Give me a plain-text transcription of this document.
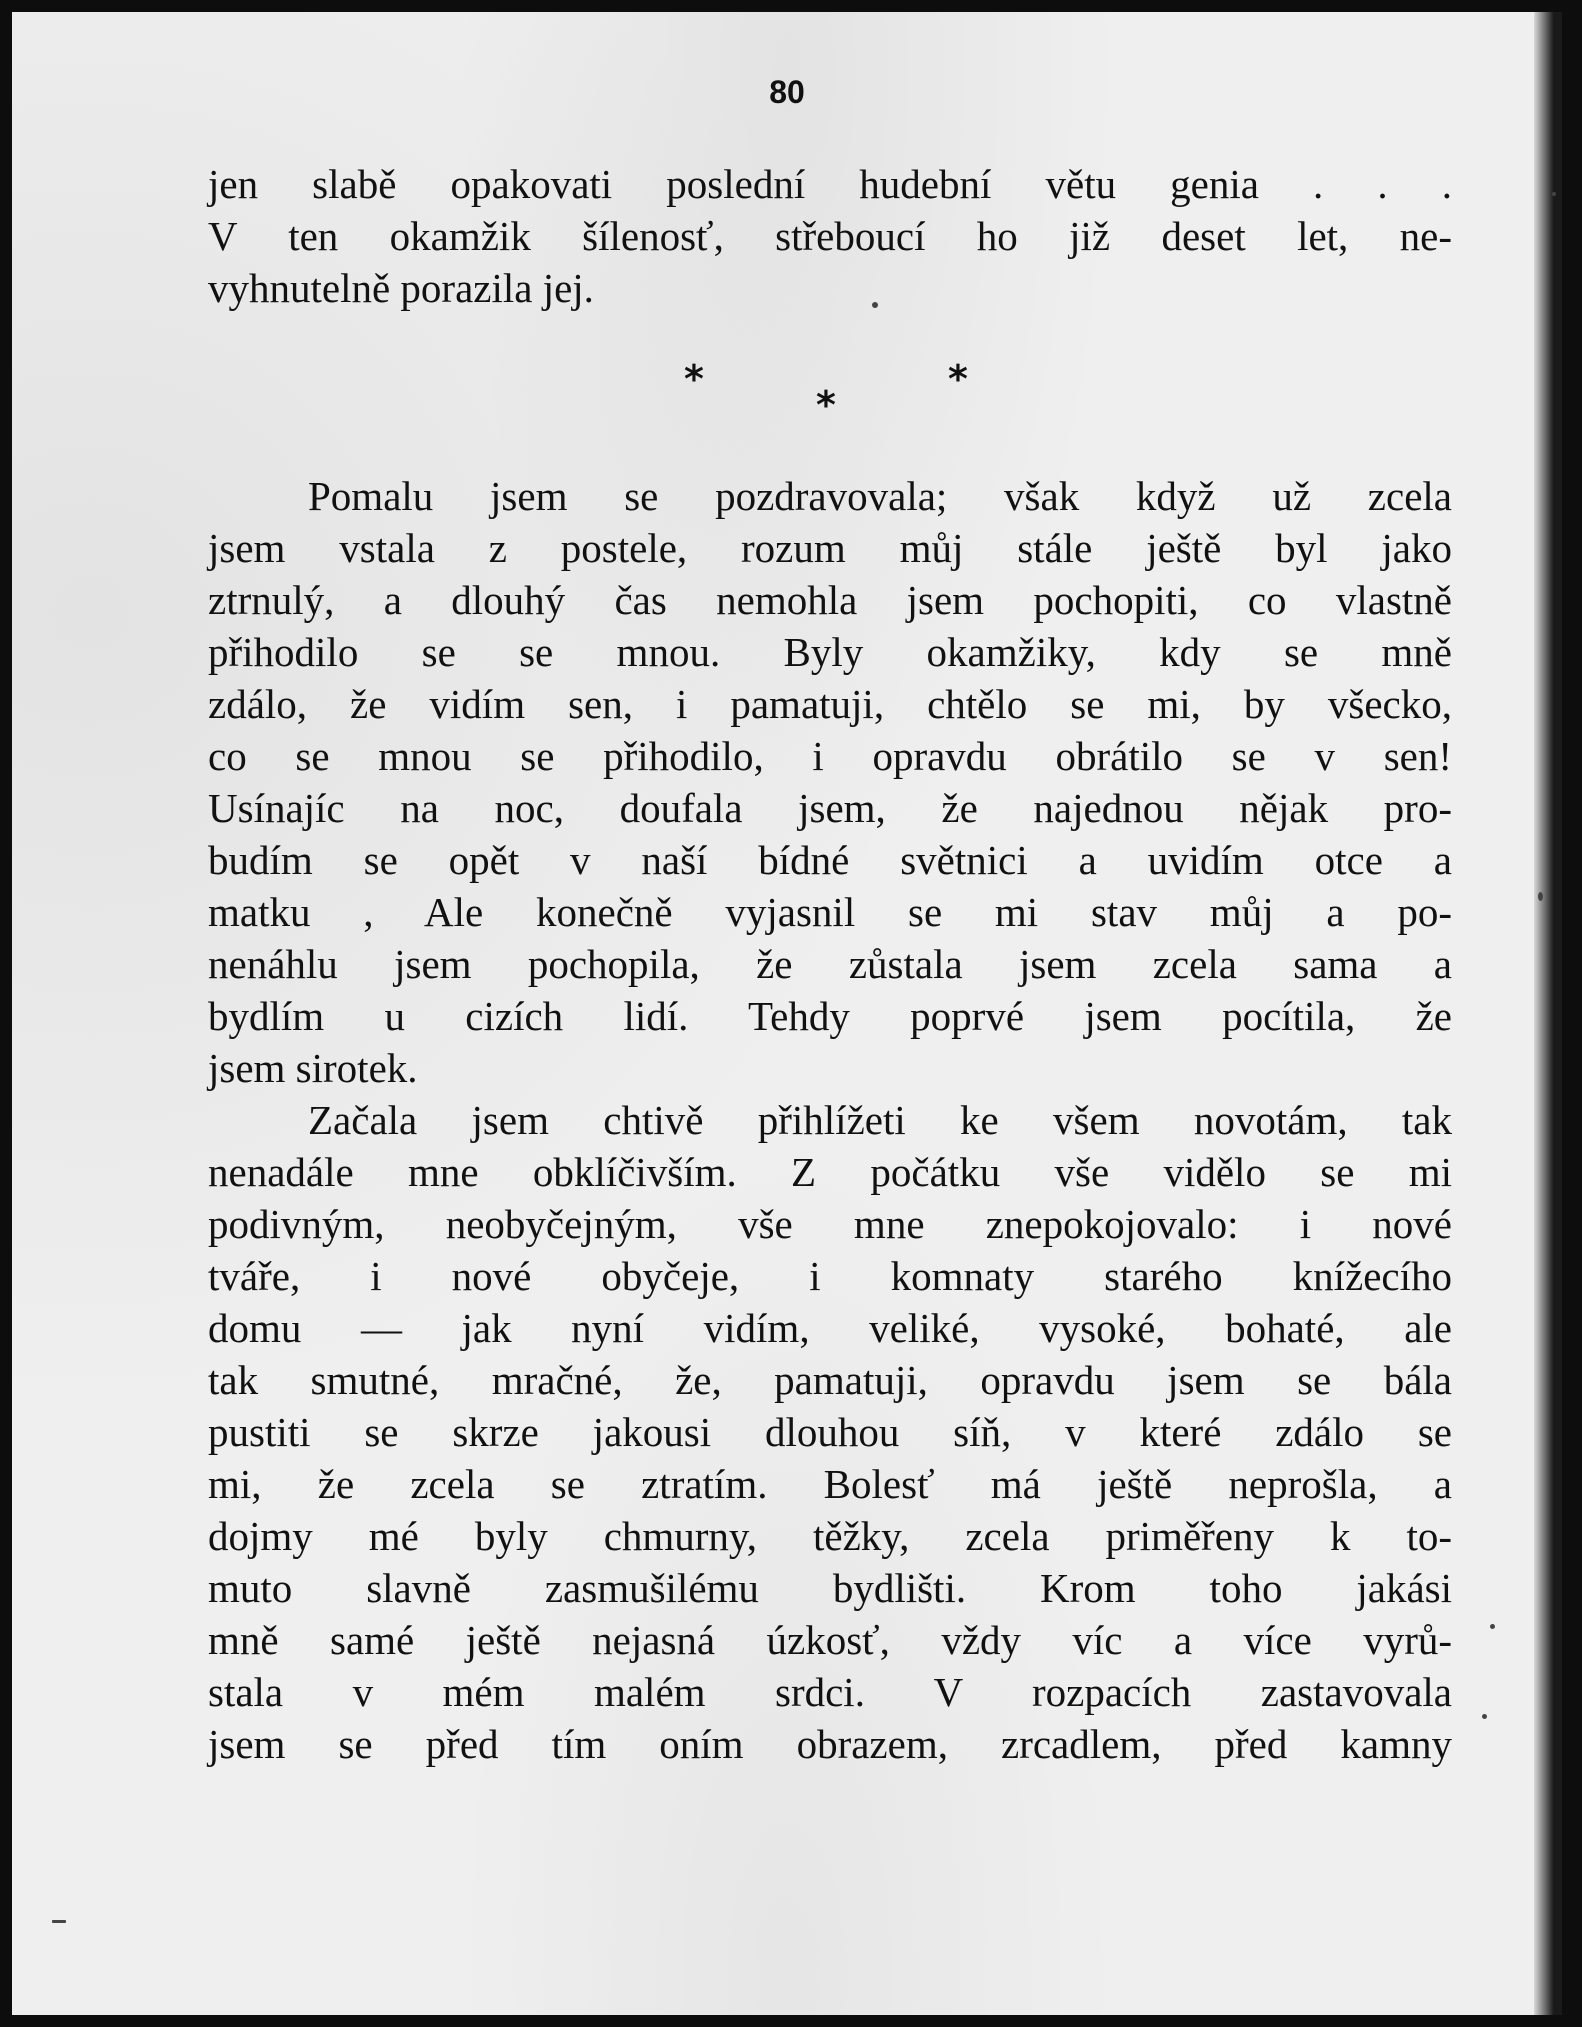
80
jen slabě opakovati poslední hudební větu genia . . .
V ten okamžik šílenosť, střeboucí ho již deset let, ne-
vyhnutelně porazila jej.
*
*
*
Pomalu jsem se pozdravovala; však když už zcela
jsem vstala z postele, rozum můj stále ještě byl jako
ztrnulý, a dlouhý čas nemohla jsem pochopiti, co vlastně
přihodilo se se mnou. Byly okamžiky, kdy se mně
zdálo, že vidím sen, i pamatuji, chtělo se mi, by všecko,
co se mnou se přihodilo, i opravdu obrátilo se v sen!
Usínajíc na noc, doufala jsem, že najednou nějak pro-
budím se opět v naší bídné světnici a uvidím otce a
matku , Ale konečně vyjasnil se mi stav můj a po-
nenáhlu jsem pochopila, že zůstala jsem zcela sama a
bydlím u cizích lidí. Tehdy poprvé jsem pocítila, že
jsem sirotek.
Začala jsem chtivě přihlížeti ke všem novotám, tak
nenadále mne obklíčivším. Z počátku vše vidělo se mi
podivným, neobyčejným, vše mne znepokojovalo: i nové
tváře, i nové obyčeje, i komnaty starého knížecího
domu — jak nyní vidím, veliké, vysoké, bohaté, ale
tak smutné, mračné, že, pamatuji, opravdu jsem se bála
pustiti se skrze jakousi dlouhou síň, v které zdálo se
mi, že zcela se ztratím. Bolesť má ještě neprošla, a
dojmy mé byly chmurny, těžky, zcela priměřeny k to-
muto slavně zasmušilému bydlišti. Krom toho jakási
mně samé ještě nejasná úzkosť, vždy víc a více vyrů-
stala v mém malém srdci. V rozpacích zastavovala
jsem se před tím oním obrazem, zrcadlem, před kamny
